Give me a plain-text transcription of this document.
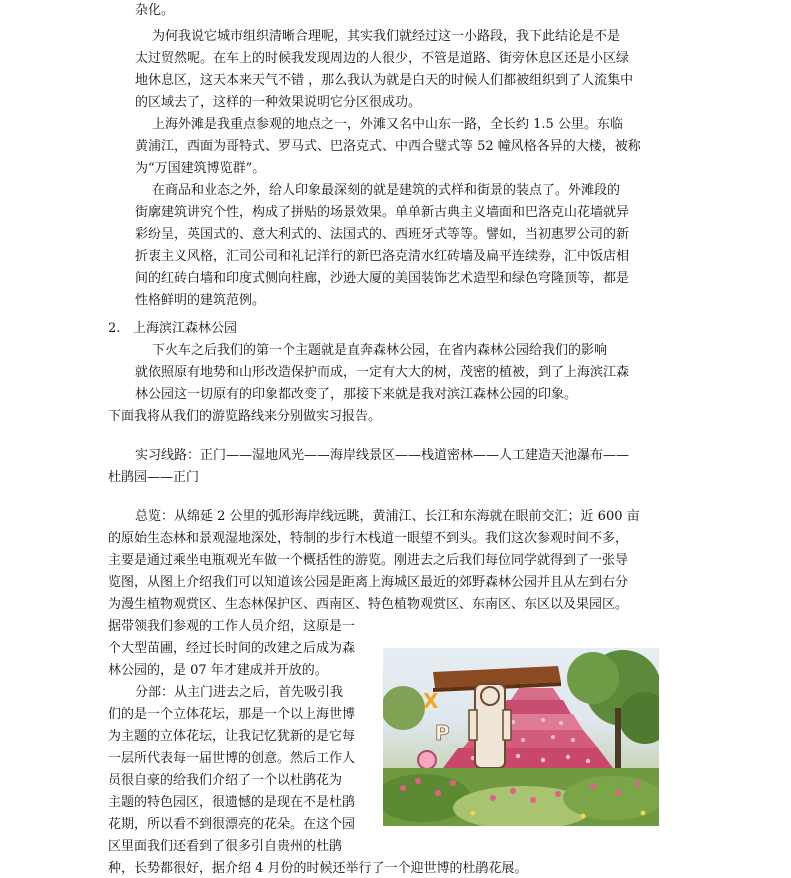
杂化。
为何我说它城市组织清晰合理呢，其实我们就经过这一小路段，我下此结论是不是
太过贸然呢。在车上的时候我发现周边的人很少，不管是道路、街旁休息区还是小区绿
地休息区，这天本来天气不错 ，那么我认为就是白天的时候人们都被组织到了人流集中
的区域去了，这样的一种效果说明它分区很成功。
上海外滩是我重点参观的地点之一，外滩又名中山东一路，全长约 1.5 公里。东临
黄浦江，西面为哥特式、罗马式、巴洛克式、中西合璧式等 52 幢风格各异的大楼，被称
为“万国建筑博览群”。
在商品和业态之外，给人印象最深刻的就是建筑的式样和街景的装点了。外滩段的
街廓建筑讲究个性，构成了拼贴的场景效果。单单新古典主义墙面和巴洛克山花墙就异
彩纷呈，英国式的、意大利式的、法国式的、西班牙式等等。譬如，当初惠罗公司的新
折衷主义风格，汇司公司和礼记洋行的新巴洛克清水红砖墙及扁平连续券，汇中饭店相
间的红砖白墙和印度式侧向柱廊，沙逊大厦的美国装饰艺术造型和绿色穹隆顶等，都是
性格鲜明的建筑范例。
2. 上海滨江森林公园
下火车之后我们的第一个主题就是直奔森林公园，在省内森林公园给我们的影响
就依照原有地势和山形改造保护而成，一定有大大的树，茂密的植被，到了上海滨江森
林公园这一切原有的印象都改变了，那接下来就是我对滨江森林公园的印象。
下面我将从我们的游览路线来分别做实习报告。
实习线路：正门——湿地风光——海岸线景区——栈道密林——人工建造天池瀑布——
杜鹃园——正门
总览：从绵延 2 公里的弧形海岸线远眺，黄浦江、长江和东海就在眼前交汇；近 600 亩
的原始生态林和景观湿地深处，特制的步行木栈道一眼望不到头。我们这次参观时间不多，
主要是通过乘坐电瓶观光车做一个概括性的游览。刚进去之后我们每位同学就得到了一张导
览图，从图上介绍我们可以知道该公园是距离上海城区最近的郊野森林公园并且从左到右分
为漫生植物观赏区、生态林保护区、西南区、特色植物观赏区、东南区、东区以及果园区。
据带领我们参观的工作人员介绍，这原是一
个大型苗圃，经过长时间的改建之后成为森
林公园的，是 07 年才建成并开放的。
分部：从主门进去之后，首先吸引我
们的是一个立体花坛，那是一个以上海世博
为主题的立体花坛，让我记忆犹新的是它每
一层所代表每一届世博的创意。然后工作人
员很自豪的给我们介绍了一个以杜鹃花为
主题的特色园区，很遗憾的是现在不是杜鹃
花期，所以看不到很漂亮的花朵。在这个园
区里面我们还看到了很多引自贵州的杜鹃
种，长势都很好，据介绍 4 月份的时候还举行了一个迎世博的杜鹃花展。
X
P
